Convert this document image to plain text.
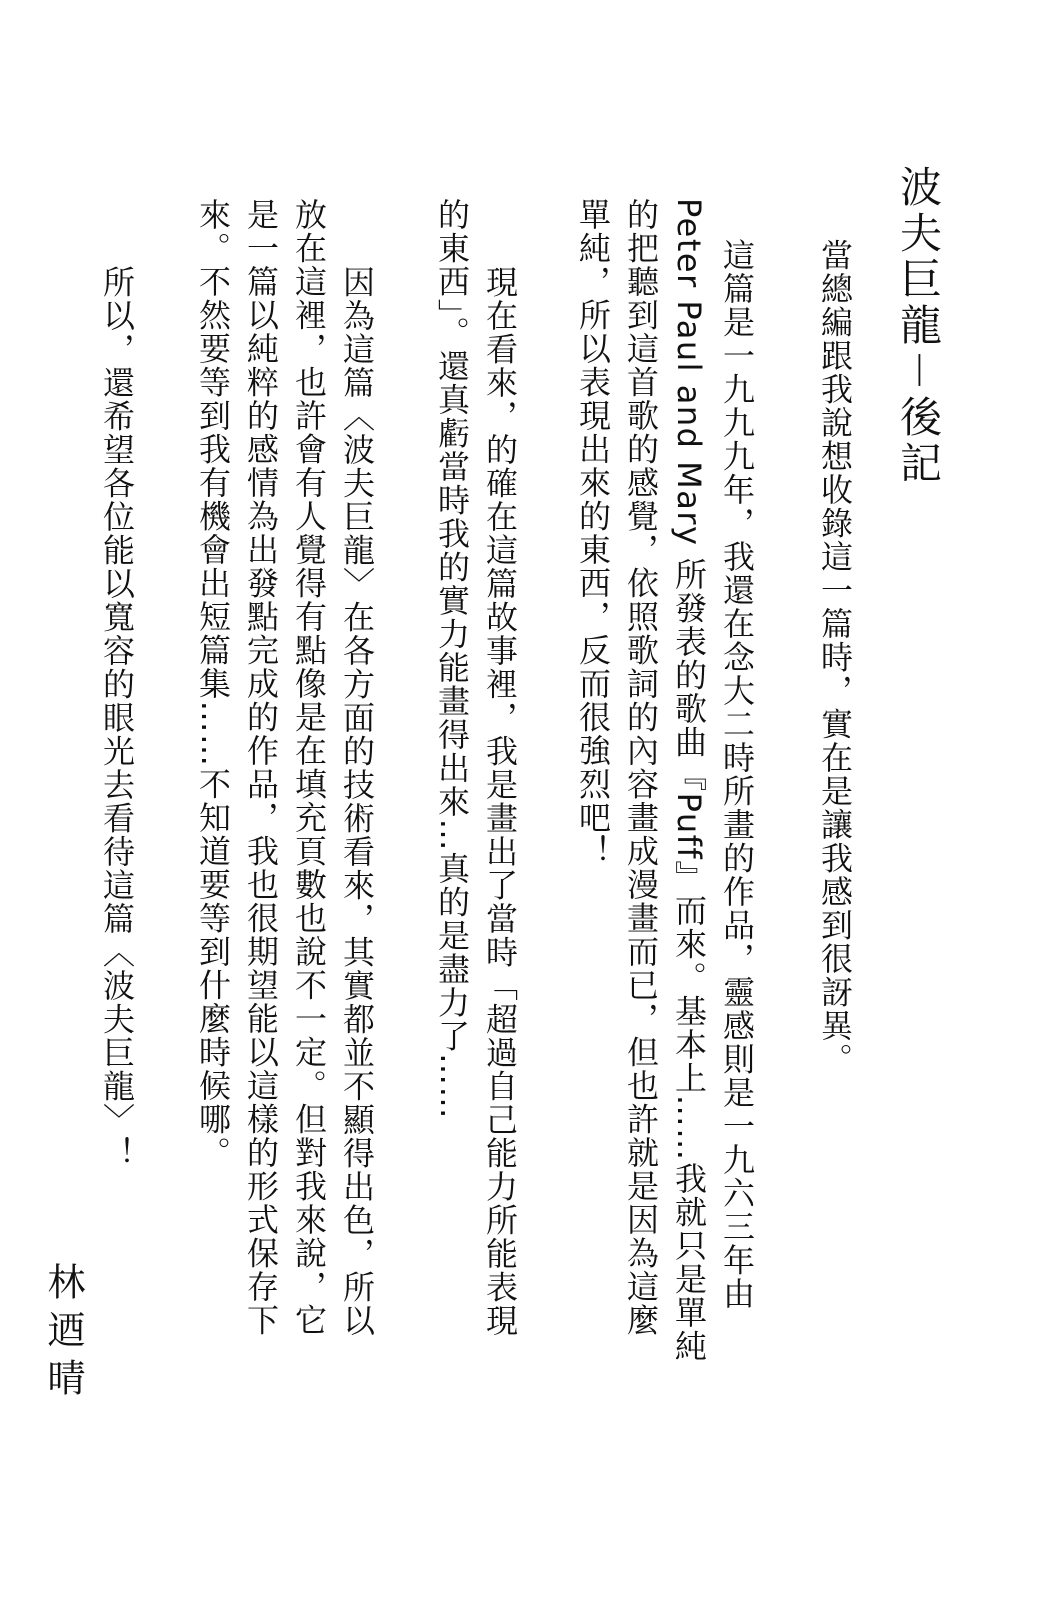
波夫巨龍－後記
　當總編跟我說想收錄這一篇時，實在是讓我感到很訝異。
　這篇是一九九九年，我還在念大二時所畫的作品，靈感則是一九六三年由
Peter Paul and Mary 所發表的歌曲『Puff』而來。基本上……我就只是單純
的把聽到這首歌的感覺，依照歌詞的內容畫成漫畫而已，但也許就是因為這麼
單純，所以表現出來的東西，反而很強烈吧！
　現在看來，的確在這篇故事裡，我是畫出了當時「超過自己能力所能表現
的東西」。還真虧當時我的實力能畫得出來…真的是盡力了……
　因為這篇〈波夫巨龍〉在各方面的技術看來，其實都並不顯得出色，所以
放在這裡，也許會有人覺得有點像是在填充頁數也說不一定。但對我來說，它
是一篇以純粹的感情為出發點完成的作品，我也很期望能以這樣的形式保存下
來。不然要等到我有機會出短篇集……不知道要等到什麼時候哪。
　所以，還希望各位能以寬容的眼光去看待這篇〈波夫巨龍〉！
林迺晴
